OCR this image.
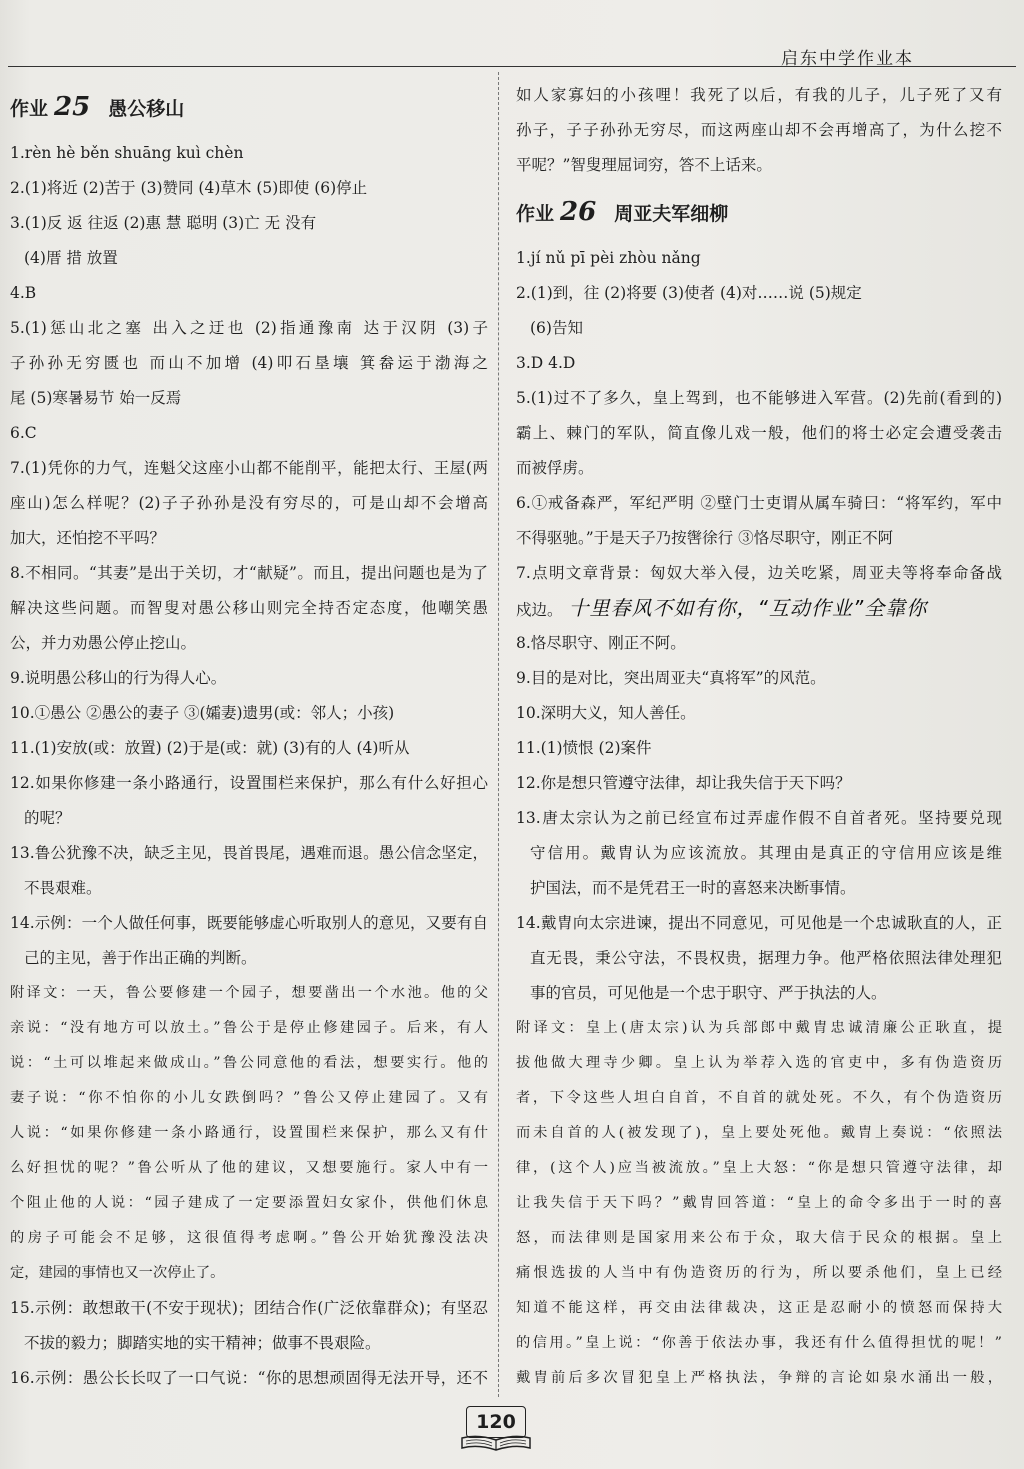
启东中学作业本
作业 25 愚公移山
1.rèn hè běn shuāng kuì chèn
2.(1)将近 (2)苦于 (3)赞同 (4)草木 (5)即使 (6)停止
3.(1)反 返 往返 (2)惠 慧 聪明 (3)亡 无 没有
(4)厝 措 放置
4.B
5.(1)惩山北之塞 出入之迂也 (2)指通豫南 达于汉阴 (3)子
子孙孙无穷匮也 而山不加增 (4)叩石垦壤 箕畚运于渤海之
尾 (5)寒暑易节 始一反焉
6.C
7.(1)凭你的力气，连魁父这座小山都不能削平，能把太行、王屋(两
座山)怎么样呢？(2)子子孙孙是没有穷尽的，可是山却不会增高
加大，还怕挖不平吗？
8.不相同。“其妻”是出于关切，才“献疑”。而且，提出问题也是为了
解决这些问题。而智叟对愚公移山则完全持否定态度，他嘲笑愚
公，并力劝愚公停止挖山。
9.说明愚公移山的行为得人心。
10.①愚公 ②愚公的妻子 ③(孀妻)遗男(或：邻人；小孩)
11.(1)安放(或：放置) (2)于是(或：就) (3)有的人 (4)听从
12.如果你修建一条小路通行，设置围栏来保护，那么有什么好担心
的呢？
13.鲁公犹豫不决，缺乏主见，畏首畏尾，遇难而退。愚公信念坚定，
不畏艰难。
14.示例：一个人做任何事，既要能够虚心听取别人的意见，又要有自
己的主见，善于作出正确的判断。
附译文：一天，鲁公要修建一个园子，想要凿出一个水池。他的父
亲说：“没有地方可以放土。”鲁公于是停止修建园子。后来，有人
说：“土可以堆起来做成山。”鲁公同意他的看法，想要实行。他的
妻子说：“你不怕你的小儿女跌倒吗？”鲁公又停止建园了。又有
人说：“如果你修建一条小路通行，设置围栏来保护，那么又有什
么好担忧的呢？”鲁公听从了他的建议，又想要施行。家人中有一
个阻止他的人说：“园子建成了一定要添置妇女家仆，供他们休息
的房子可能会不足够，这很值得考虑啊。”鲁公开始犹豫没法决
定，建园的事情也又一次停止了。
15.示例：敢想敢干(不安于现状)；团结合作(广泛依靠群众)；有坚忍
不拔的毅力；脚踏实地的实干精神；做事不畏艰险。
16.示例：愚公长长叹了一口气说：“你的思想顽固得无法开导，还不
如人家寡妇的小孩哩！我死了以后，有我的儿子，儿子死了又有
孙子，子子孙孙无穷尽，而这两座山却不会再增高了，为什么挖不
平呢？”智叟理屈词穷，答不上话来。
作业 26 周亚夫军细柳
1.jí nǔ pī pèi zhòu nǎng
2.(1)到，往 (2)将要 (3)使者 (4)对……说 (5)规定
(6)告知
3.D 4.D
5.(1)过不了多久，皇上驾到，也不能够进入军营。(2)先前(看到的)
霸上、棘门的军队，简直像儿戏一般，他们的将士必定会遭受袭击
而被俘虏。
6.①戒备森严，军纪严明 ②壁门士吏谓从属车骑曰：“将军约，军中
不得驱驰。”于是天子乃按辔徐行 ③恪尽职守，刚正不阿
7.点明文章背景：匈奴大举入侵，边关吃紧，周亚夫等将奉命备战
戍边。 十里春风不如有你，“互动作业”全靠你
8.恪尽职守、刚正不阿。
9.目的是对比，突出周亚夫“真将军”的风范。
10.深明大义，知人善任。
11.(1)愤恨 (2)案件
12.你是想只管遵守法律，却让我失信于天下吗？
13.唐太宗认为之前已经宣布过弄虚作假不自首者死。坚持要兑现
守信用。戴胄认为应该流放。其理由是真正的守信用应该是维
护国法，而不是凭君王一时的喜怒来决断事情。
14.戴胄向太宗进谏，提出不同意见，可见他是一个忠诚耿直的人，正
直无畏，秉公守法，不畏权贵，据理力争。他严格依照法律处理犯
事的官员，可见他是一个忠于职守、严于执法的人。
附译文：皇上(唐太宗)认为兵部郎中戴胄忠诚清廉公正耿直，提
拔他做大理寺少卿。皇上认为举荐入选的官吏中，多有伪造资历
者，下令这些人坦白自首，不自首的就处死。不久，有个伪造资历
而未自首的人(被发现了)，皇上要处死他。戴胄上奏说：“依照法
律，(这个人)应当被流放。”皇上大怒：“你是想只管遵守法律，却
让我失信于天下吗？”戴胄回答道：“皇上的命令多出于一时的喜
怒，而法律则是国家用来公布于众，取大信于民众的根据。皇上
痛恨选拔的人当中有伪造资历的行为，所以要杀他们，皇上已经
知道不能这样，再交由法律裁决，这正是忍耐小的愤怒而保持大
的信用。”皇上说：“你善于依法办事，我还有什么值得担忧的呢！”
戴胄前后多次冒犯皇上严格执法，争辩的言论如泉水涌出一般，
120
